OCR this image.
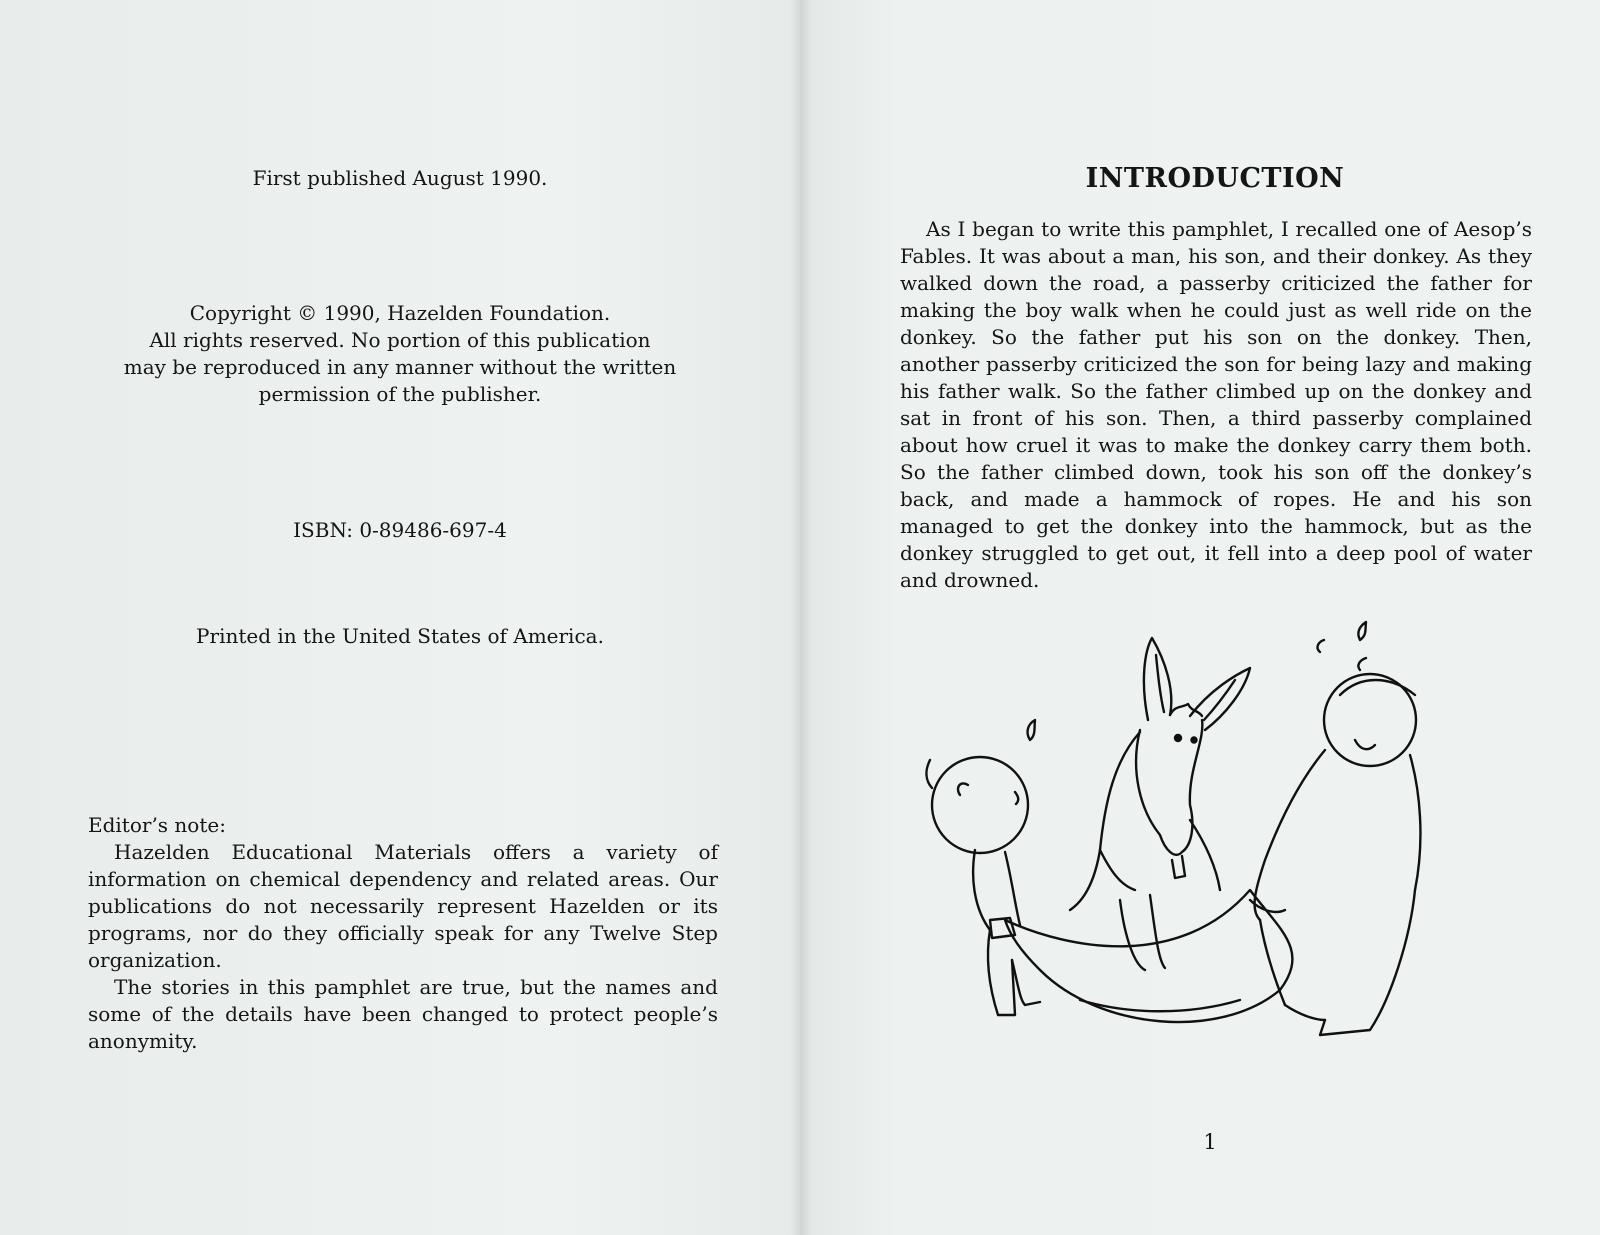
First published August 1990.
Copyright © 1990, Hazelden Foundation.
All rights reserved. No portion of this publication
may be reproduced in any manner without the written
permission of the publisher.
ISBN: 0-89486-697-4
Printed in the United States of America.

Editor’s note:

Hazelden Educational Materials offers a variety of information on chemical dependency and related areas. Our publications do not necessarily represent Hazelden or its programs, nor do they officially speak for any Twelve Step organization.

The stories in this pamphlet are true, but the names and some of the details have been changed to protect people’s anonymity.

INTRODUCTION

As I began to write this pamphlet, I recalled one of Aesop’s Fables. It was about a man, his son, and their donkey. As they walked down the road, a passerby criticized the father for making the boy walk when he could just as well ride on the donkey. So the father put his son on the donkey. Then, another passerby criticized the son for being lazy and making his father walk. So the father climbed up on the donkey and sat in front of his son. Then, a third passerby complained about how cruel it was to make the donkey carry them both. So the father climbed down, took his son off the donkey’s back, and made a hammock of ropes. He and his son managed to get the donkey into the hammock, but as the donkey struggled to get out, it fell into a deep pool of water and drowned.

1
